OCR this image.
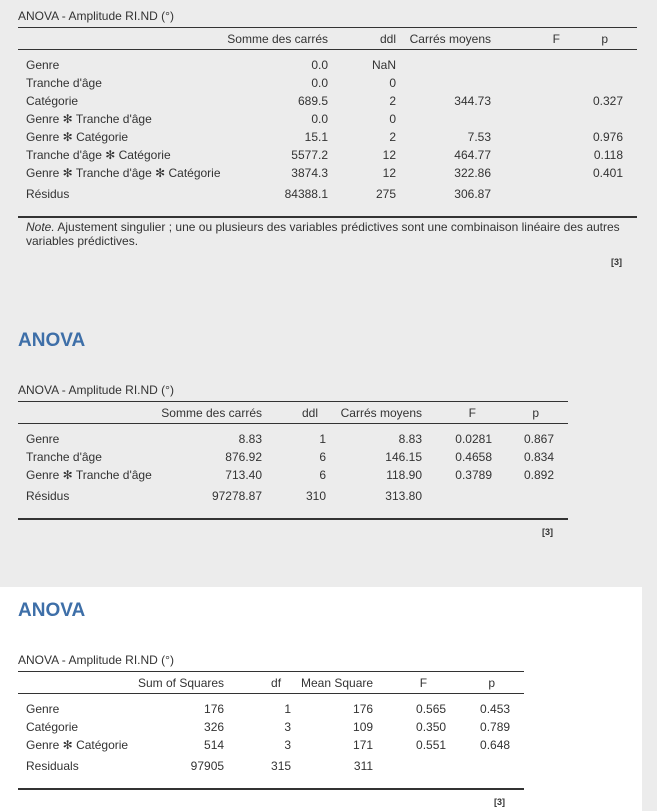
ANOVA - Amplitude RI.ND (°)
	Somme des carrés	ddl	Carrés moyens	F	p

Genre	0.0	NaN			
Tranche d'âge	0.0	0			
Catégorie	689.5	2	344.73		0.327
Genre ✻ Tranche d'âge	0.0	0			
Genre ✻ Catégorie	15.1	2	7.53		0.976
Tranche d'âge ✻ Catégorie	5577.2	12	464.77		0.118
Genre ✻ Tranche d'âge ✻ Catégorie	3874.3	12	322.86		0.401
Résidus	84388.1	275	306.87		

Note. Ajustement singulier ; une ou plusieurs des variables prédictives sont une combinaison linéaire des autres variables prédictives.
[3]
ANOVA
ANOVA - Amplitude RI.ND (°)
	Somme des carrés	ddl	Carrés moyens	F	p

Genre	8.83	1	8.83	0.0281	0.867
Tranche d'âge	876.92	6	146.15	0.4658	0.834
Genre ✻ Tranche d'âge	713.40	6	118.90	0.3789	0.892
Résidus	97278.87	310	313.80		

[3]
ANOVA
ANOVA - Amplitude RI.ND (°)
	Sum of Squares	df	Mean Square	F	p

Genre	176	1	176	0.565	0.453
Catégorie	326	3	109	0.350	0.789
Genre ✻ Catégorie	514	3	171	0.551	0.648
Residuals	97905	315	311		

[3]
